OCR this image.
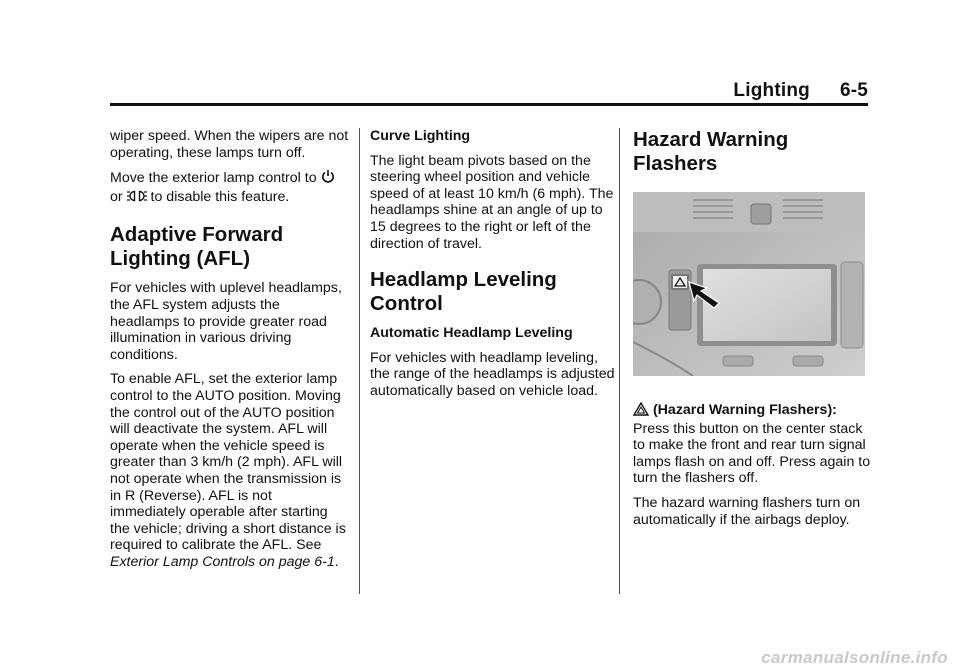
Lighting 6-5

wiper speed. When the wipers are not operating, these lamps turn off.

Move the exterior lamp control to
or to disable this feature.

Adaptive Forward Lighting (AFL)

For vehicles with uplevel headlamps, the AFL system adjusts the headlamps to provide greater road illumination in various driving conditions.

To enable AFL, set the exterior lamp control to the AUTO position. Moving the control out of the AUTO position will deactivate the system. AFL will operate when the vehicle speed is greater than 3 km/h (2 mph). AFL will not operate when the transmission is in R (Reverse). AFL is not immediately operable after starting the vehicle; driving a short distance is required to calibrate the AFL. See Exterior Lamp Controls on page 6-1.

Curve Lighting

The light beam pivots based on the steering wheel position and vehicle speed of at least 10 km/h (6 mph). The headlamps shine at an angle of up to 15 degrees to the right or left of the direction of travel.

Headlamp Leveling Control
Automatic Headlamp Leveling

For vehicles with headlamp leveling, the range of the headlamps is adjusted automatically based on vehicle load.

Hazard Warning Flashers

(Hazard Warning Flashers): Press this button on the center stack to make the front and rear turn signal lamps flash on and off. Press again to turn the flashers off.

The hazard warning flashers turn on automatically if the airbags deploy.

carmanualsonline.info
